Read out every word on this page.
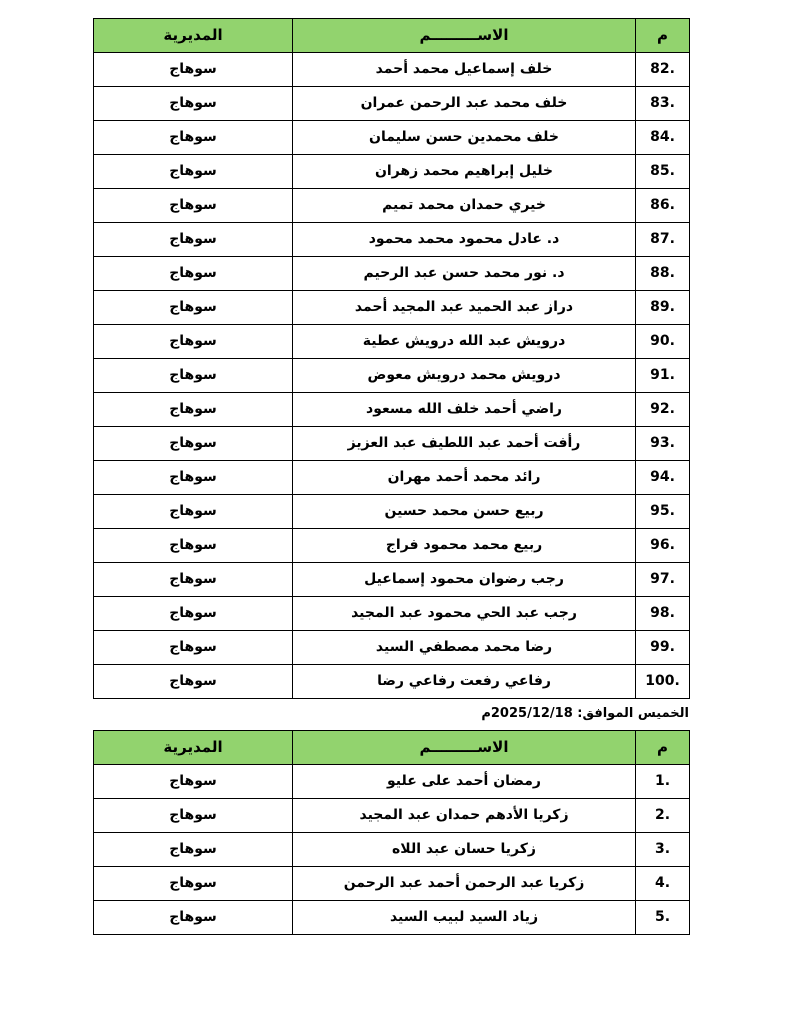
م	الاســـــــــم	المديرية
82.	خلف إسماعيل محمد أحمد	سوهاج
83.	خلف محمد عبد الرحمن عمران	سوهاج
84.	خلف محمدين حسن سليمان	سوهاج
85.	خليل إبراهيم محمد زهران	سوهاج
86.	خيري حمدان محمد تميم	سوهاج
87.	د. عادل محمود محمد محمود	سوهاج
88.	د. نور محمد حسن عبد الرحيم	سوهاج
89.	دراز عبد الحميد عبد المجيد أحمد	سوهاج
90.	درويش عبد الله درويش عطية	سوهاج
91.	درويش محمد درويش معوض	سوهاج
92.	راضي أحمد خلف الله مسعود	سوهاج
93.	رأفت أحمد عبد اللطيف عبد العزيز	سوهاج
94.	رائد محمد أحمد مهران	سوهاج
95.	ربيع حسن محمد حسين	سوهاج
96.	ربيع محمد محمود فراج	سوهاج
97.	رجب رضوان محمود إسماعيل	سوهاج
98.	رجب عبد الحي محمود عبد المجيد	سوهاج
99.	رضا محمد مصطفي السيد	سوهاج
100.	رفاعي رفعت رفاعي رضا	سوهاج
الخميس الموافق: 2025/12/18م
م	الاســـــــــم	المديرية
1.	رمضان أحمد على عليو	سوهاج
2.	زكريا الأدهم حمدان عبد المجيد	سوهاج
3.	زكريا حسان عبد اللاه	سوهاج
4.	زكريا عبد الرحمن أحمد عبد الرحمن	سوهاج
5.	زياد السيد لبيب السيد	سوهاج
